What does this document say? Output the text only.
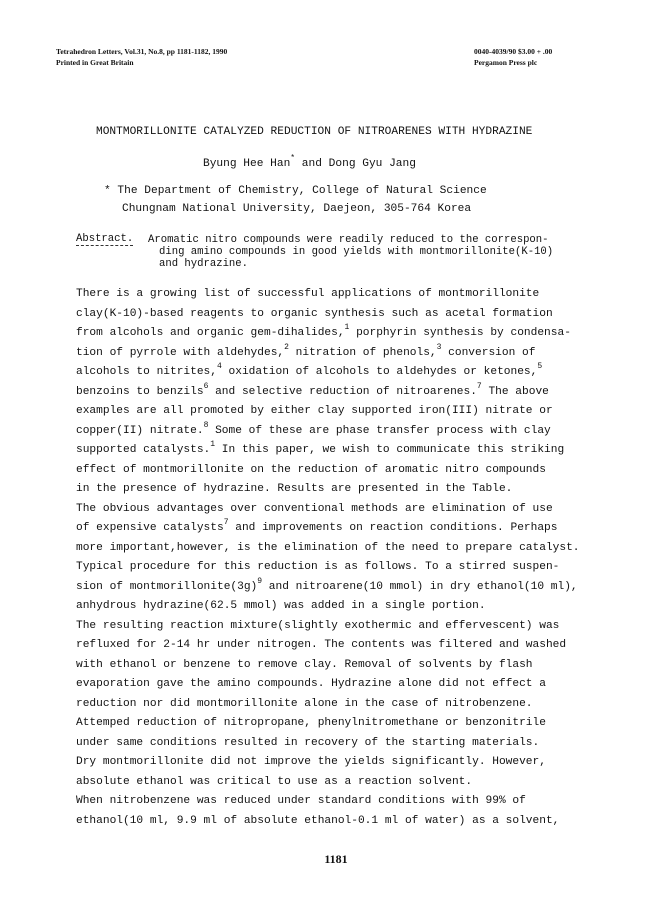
Tetrahedron Letters, Vol.31, No.8, pp 1181-1182, 1990
Printed in Great Britain
0040-4039/90 $3.00 + .00
Pergamon Press plc
MONTMORILLONITE CATALYZED REDUCTION OF NITROARENES WITH HYDRAZINE
Byung Hee Han* and Dong Gyu Jang
* The Department of Chemistry, College of Natural Science
Chungnam National University, Daejeon, 305-764 Korea
Abstract. Aromatic nitro compounds were readily reduced to the correspon-
ding amino compounds in good yields with montmorillonite(K-10)
and hydrazine.
There is a growing list of successful applications of montmorillonite
clay(K-10)-based reagents to organic synthesis such as acetal formation
from alcohols and organic gem-dihalides,$^1$ porphyrin synthesis by condensa-
tion of pyrrole with aldehydes,$^2$ nitration of phenols,$^3$ conversion of
alcohols to nitrites,$^4$ oxidation of alcohols to aldehydes or ketones,$^5$
benzoins to benzils$^6$ and selective reduction of nitroarenes.$^7$ The above
examples are all promoted by either clay supported iron(III) nitrate or
copper(II) nitrate.$^8$ Some of these are phase transfer process with clay
supported catalysts.$^1$ In this paper, we wish to communicate this striking
effect of montmorillonite on the reduction of aromatic nitro compounds
in the presence of hydrazine. Results are presented in the Table.
The obvious advantages over conventional methods are elimination of use
of expensive catalysts$^7$ and improvements on reaction conditions. Perhaps
more important,however, is the elimination of the need to prepare catalyst.
Typical procedure for this reduction is as follows. To a stirred suspen-
sion of $montmorillonite(3g)^9$ and nitroarene(10 mmol) in dry ethanol(10 ml),
anhydrous hydrazine(62.5 mmol) was added in a single portion.
The resulting reaction mixture(slightly exothermic and effervescent) was
refluxed for 2-14 hr under nitrogen. The contents was filtered and washed
with ethanol or benzene to remove clay. Removal of solvents by flash
evaporation gave the amino compounds. Hydrazine alone did not effect a
reduction nor did montmorillonite alone in the case of nitrobenzene.
Attemped reduction of nitropropane, phenylnitromethane or benzonitrile
under same conditions resulted in recovery of the starting materials.
Dry montmorillonite did not improve the yields significantly. However,
absolute ethanol was critical to use as a reaction solvent.
When nitrobenzene was reduced under standard conditions with 99% of
ethanol(10 ml, 9.9 ml of absolute ethanol-0.1 ml of water) as a solvent,
1181
